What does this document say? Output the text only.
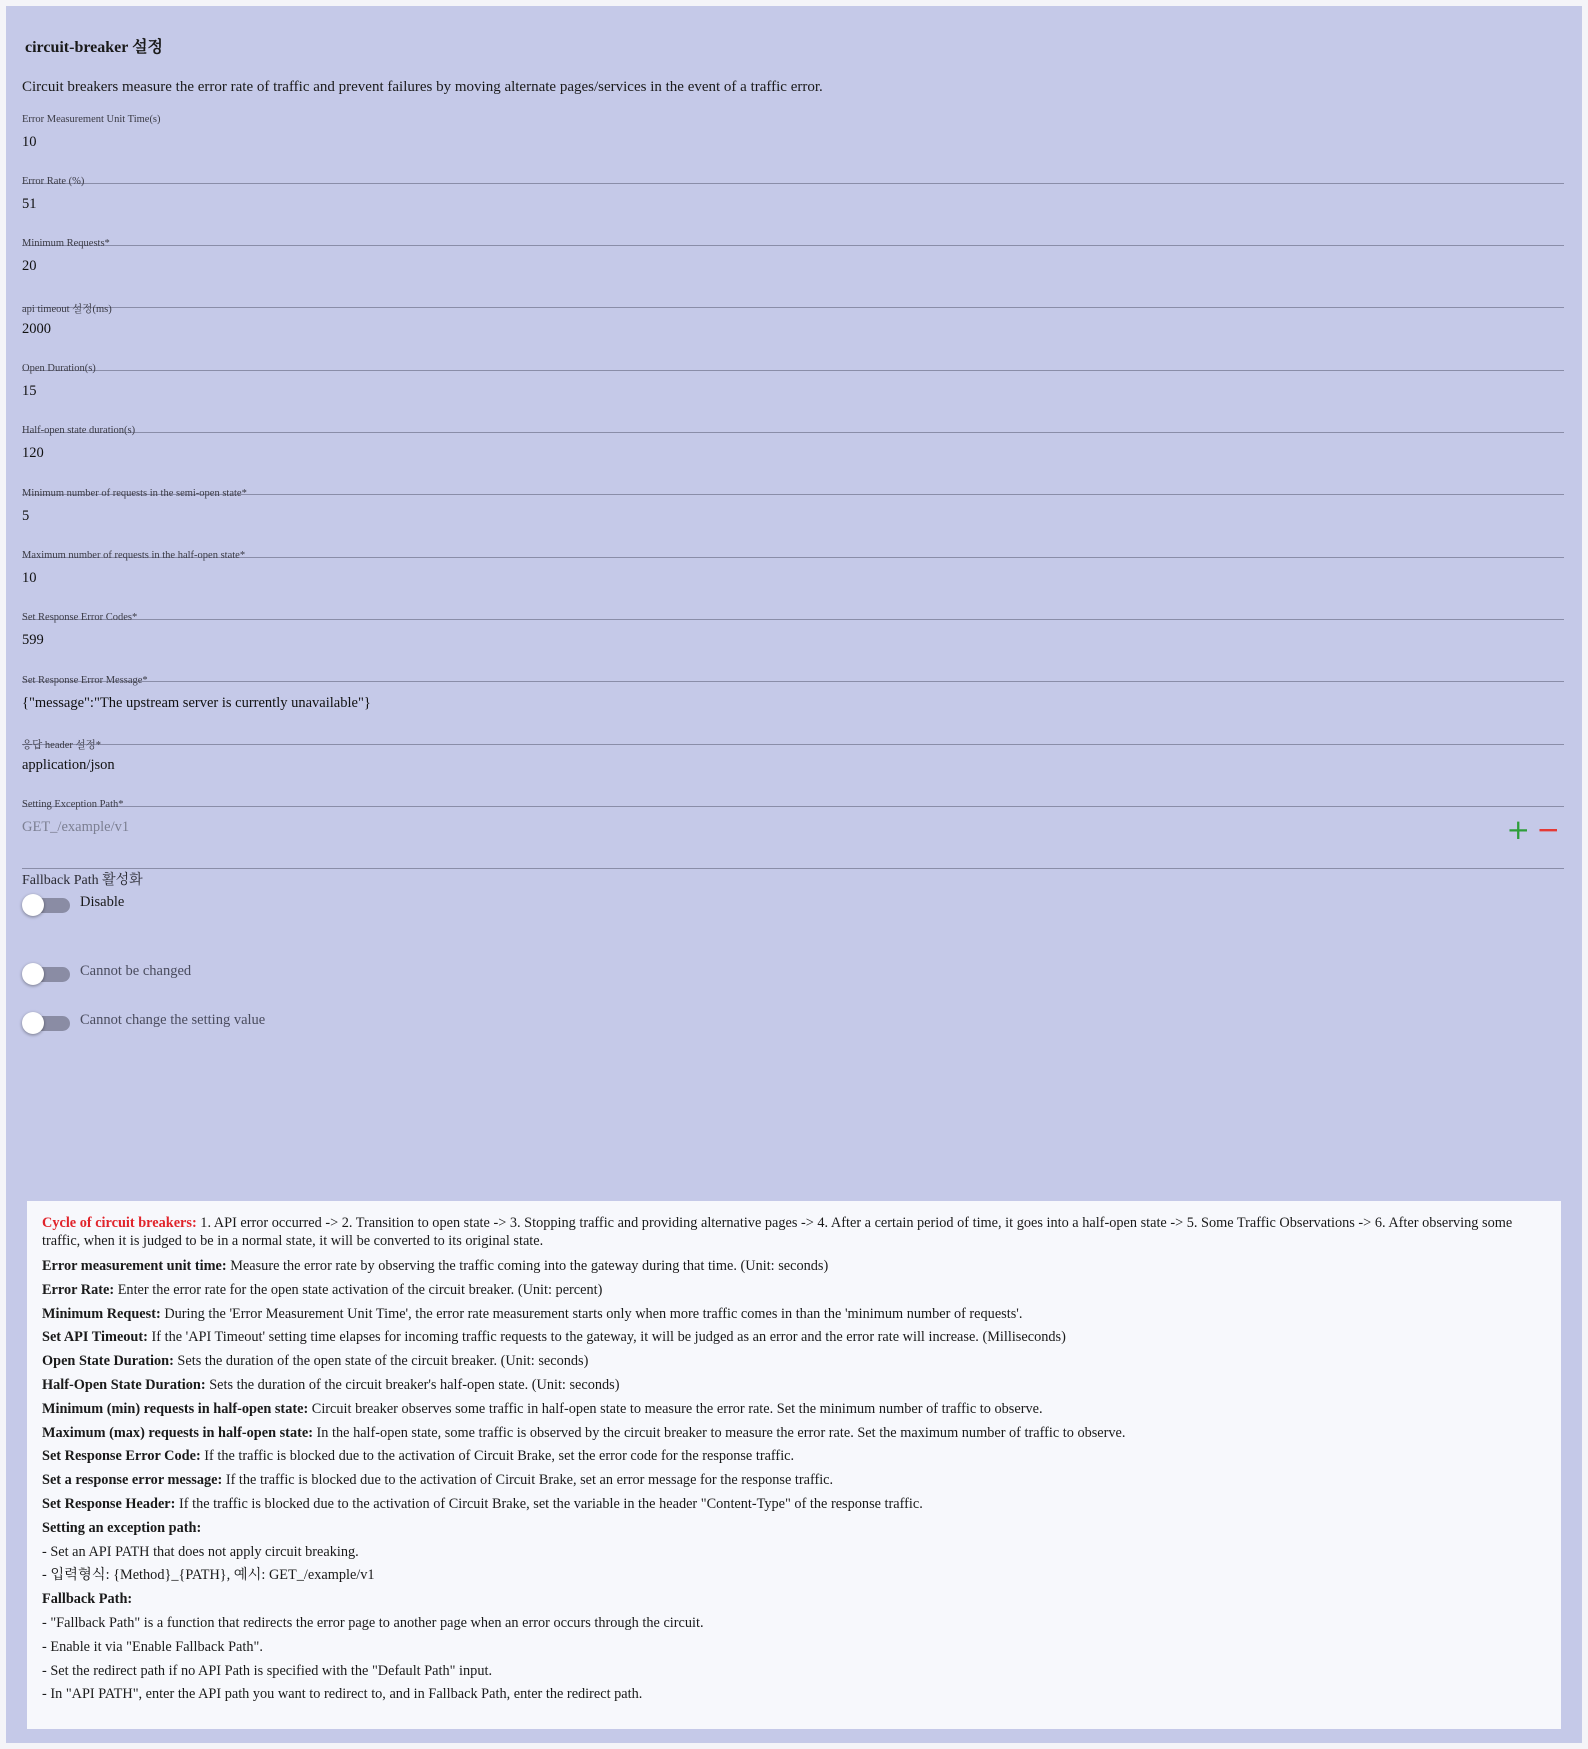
circuit-breaker 설정
Circuit breakers measure the error rate of traffic and prevent failures by moving alternate pages/services in the event of a traffic error.
Error Measurement Unit Time(s)
10
Error Rate (%)
51
Minimum Requests*
20
api timeout 설정(ms)
2000
Open Duration(s)
15
Half-open state duration(s)
120
Minimum number of requests in the semi-open state*
5
Maximum number of requests in the half-open state*
10
Set Response Error Codes*
599
Set Response Error Message*
{"message":"The upstream server is currently unavailable"}
응답 header 설정*
application/json
Setting Exception Path*
GET_/example/v1	+ −
Fallback Path 활성화
Disable
Cannot be changed
Cannot change the setting value

Cycle of circuit breakers: 1. API error occurred -> 2. Transition to open state -> 3. Stopping traffic and providing alternative pages -> 4. After a certain period of time, it goes into a half-open state -> 5. Some Traffic Observations -> 6. After observing some traffic, when it is judged to be in a normal state, it will be converted to its original state.

Error measurement unit time: Measure the error rate by observing the traffic coming into the gateway during that time. (Unit: seconds)

Error Rate: Enter the error rate for the open state activation of the circuit breaker. (Unit: percent)

Minimum Request: During the 'Error Measurement Unit Time', the error rate measurement starts only when more traffic comes in than the 'minimum number of requests'.

Set API Timeout: If the 'API Timeout' setting time elapses for incoming traffic requests to the gateway, it will be judged as an error and the error rate will increase. (Milliseconds)

Open State Duration: Sets the duration of the open state of the circuit breaker. (Unit: seconds)

Half-Open State Duration: Sets the duration of the circuit breaker's half-open state. (Unit: seconds)

Minimum (min) requests in half-open state: Circuit breaker observes some traffic in half-open state to measure the error rate. Set the minimum number of traffic to observe.

Maximum (max) requests in half-open state: In the half-open state, some traffic is observed by the circuit breaker to measure the error rate. Set the maximum number of traffic to observe.

Set Response Error Code: If the traffic is blocked due to the activation of Circuit Brake, set the error code for the response traffic.

Set a response error message: If the traffic is blocked due to the activation of Circuit Brake, set an error message for the response traffic.

Set Response Header: If the traffic is blocked due to the activation of Circuit Brake, set the variable in the header "Content-Type" of the response traffic.

Setting an exception path:

- Set an API PATH that does not apply circuit breaking.

- 입력형식: {Method}_{PATH}, 예시: GET_/example/v1

Fallback Path:

- "Fallback Path" is a function that redirects the error page to another page when an error occurs through the circuit.

- Enable it via "Enable Fallback Path".

- Set the redirect path if no API Path is specified with the "Default Path" input.

- In "API PATH", enter the API path you want to redirect to, and in Fallback Path, enter the redirect path.
